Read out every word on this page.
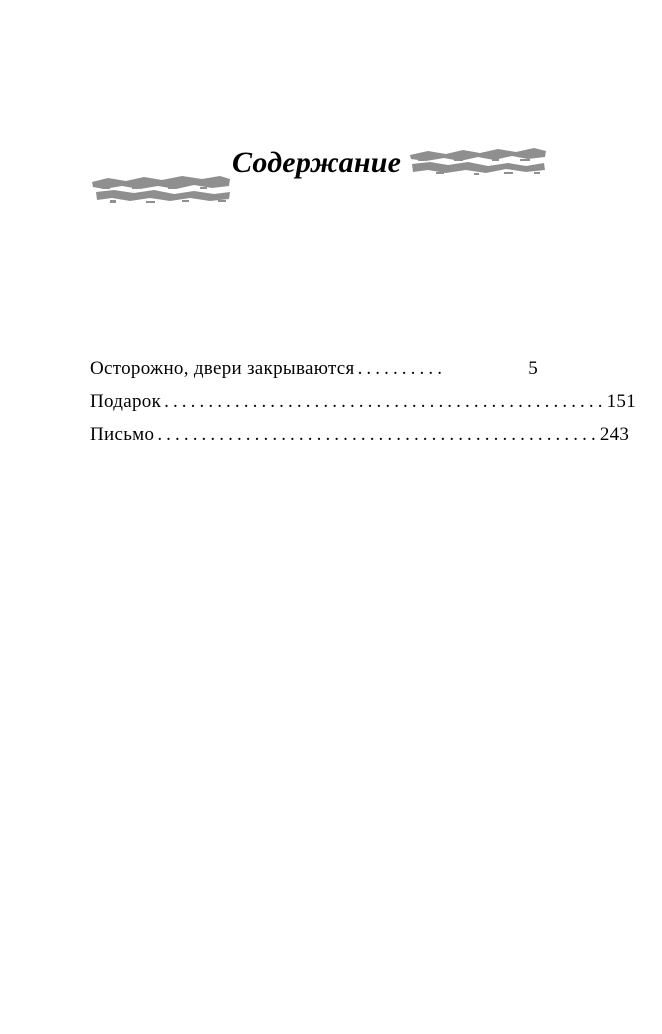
Содержание
Осторожно, двери закрываются ..........	5
Подарок .................................................. 151
Письмо .................................................. 243
